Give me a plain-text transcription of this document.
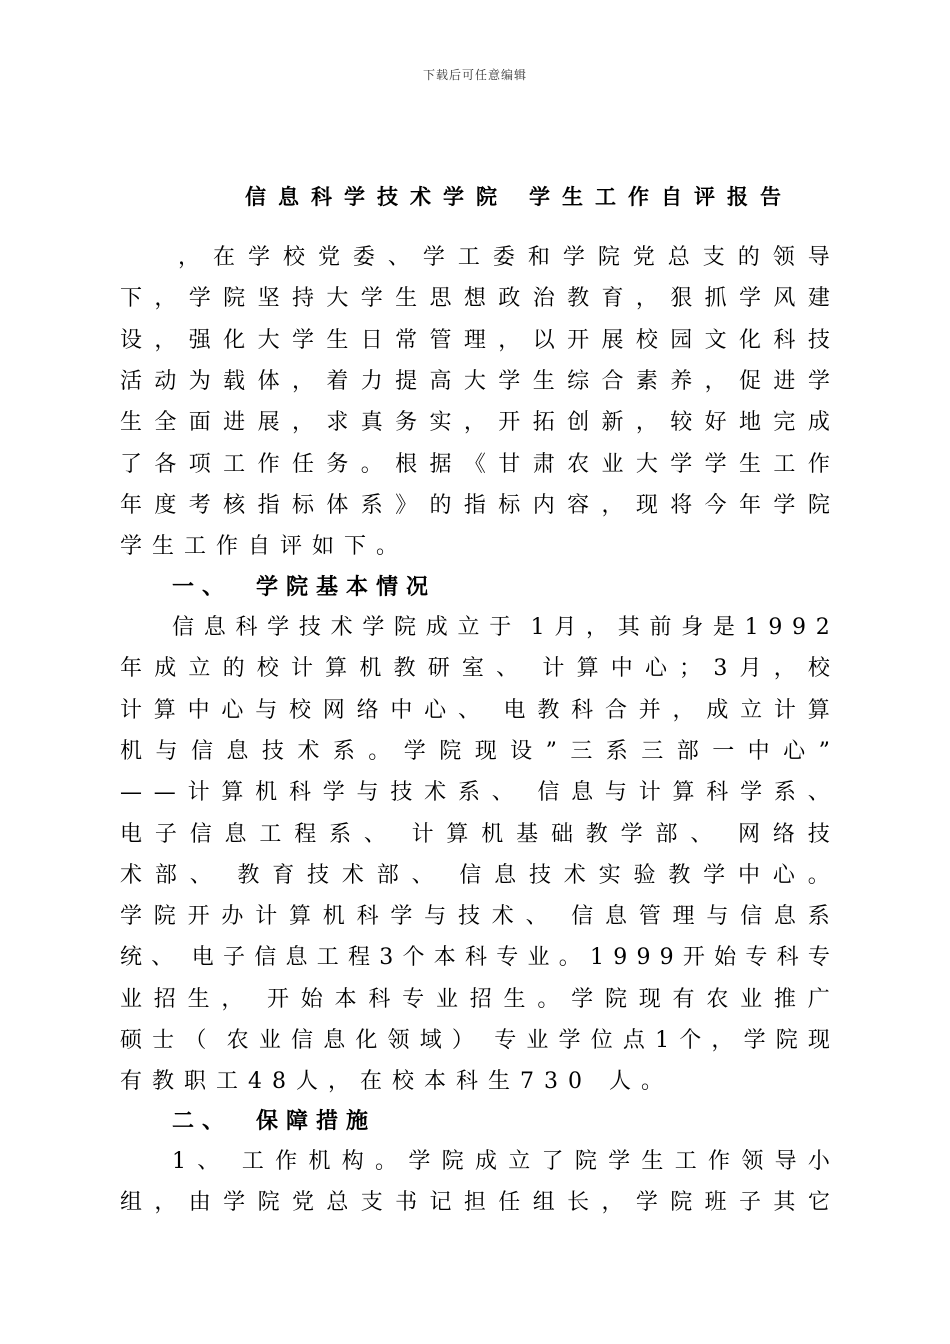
下载后可任意编辑
信息科学技术学院 学生工作自评报告
， 在 学 校 党 委 、 学 工 委 和 学 院 党 总 支 的 领 导
下 ， 学 院 坚 持 大 学 生 思 想 政 治 教 育 ， 狠 抓 学 风 建
设 ， 强 化 大 学 生 日 常 管 理 ， 以 开 展 校 园 文 化 科 技
活 动 为 载 体 ， 着 力 提 高 大 学 生 综 合 素 养 ， 促 进 学
生 全 面 进 展 ， 求 真 务 实 ， 开 拓 创 新 ， 较 好 地 完 成
了 各 项 工 作 任 务 。 根 据 《 甘 肃 农 业 大 学 学 生 工 作
年 度 考 核 指 标 体 系 》 的 指 标 内 容 ， 现 将 今 年 学 院
学生工作自评如下。
一、 学院基本情况
信 息 科 学 技 术 学 院 成 立 于 1 月 ， 其 前 身 是 1 9 9 2
年 成 立 的 校 计 算 机 教 研 室 、 计 算 中 心 ； 3 月 ， 校
计 算 中 心 与 校 网 络 中 心 、 电 教 科 合 并 ， 成 立 计 算
机 与 信 息 技 术 系 。 学 院 现 设 ” 三 系 三 部 一 中 心 ”
— — 计 算 机 科 学 与 技 术 系 、 信 息 与 计 算 科 学 系 、
电 子 信 息 工 程 系 、 计 算 机 基 础 教 学 部 、 网 络 技
术 部 、 教 育 技 术 部 、 信 息 技 术 实 验 教 学 中 心 。
学 院 开 办 计 算 机 科 学 与 技 术 、 信 息 管 理 与 信 息 系
统 、 电 子 信 息 工 程 3 个 本 科 专 业 。 1 9 9 9 开 始 专 科 专
业 招 生 ， 开 始 本 科 专 业 招 生 。 学 院 现 有 农 业 推 广
硕 士 （ 农 业 信 息 化 领 域 ） 专 业 学 位 点 1 个 ， 学 院 现
有教职工48人，在校本科生730 人。
二、 保障措施
1 、 工 作 机 构 。 学 院 成 立 了 院 学 生 工 作 领 导 小
组 ， 由 学 院 党 总 支 书 记 担 任 组 长 ， 学 院 班 子 其 它
